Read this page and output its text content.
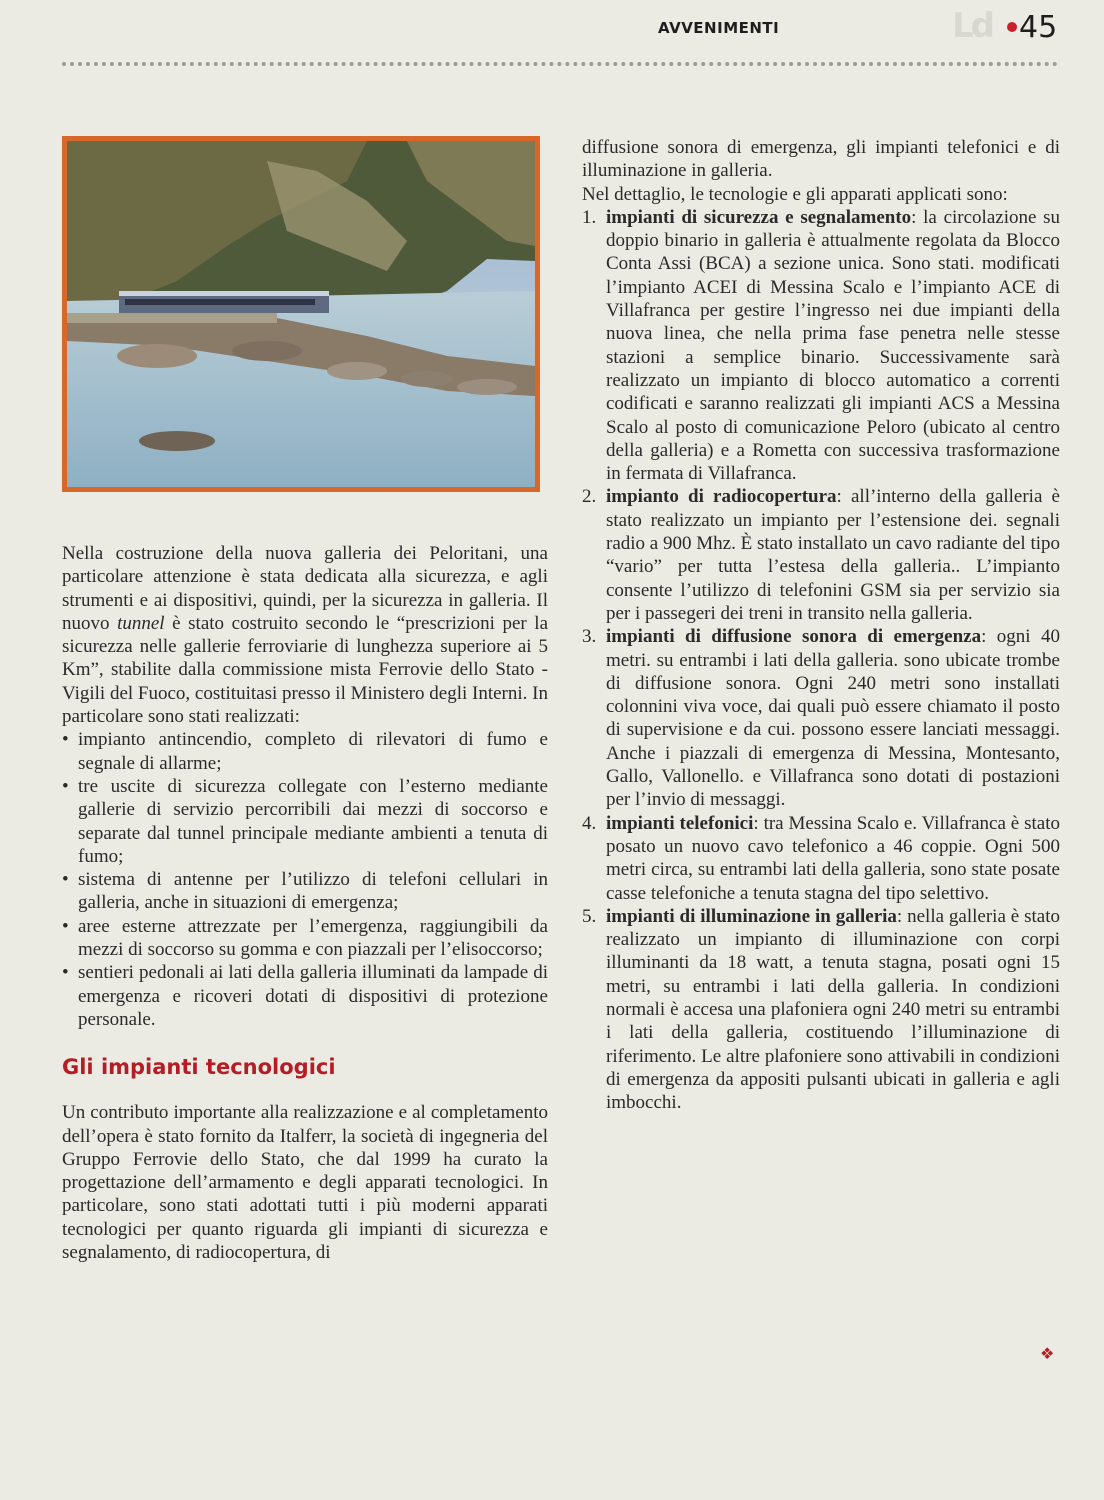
AVVENIMENTI	Ld 45

Nella costruzione della nuova galleria dei Peloritani, una particolare attenzione è stata dedicata alla sicurezza, e agli strumenti e ai dispositivi, quindi, per la sicurezza in galleria. Il nuovo tunnel è stato costruito secondo le “prescrizioni per la sicurezza nelle gallerie ferroviarie di lunghezza superiore ai 5 Km”, stabilite dalla commissione mista Ferrovie dello Stato - Vigili del Fuoco, costituitasi presso il Ministero degli Interni. In particolare sono stati realizzati:

• impianto antincendio, completo di rilevatori di fumo e segnale di allarme;
• tre uscite di sicurezza collegate con l’esterno mediante gallerie di servizio percorribili dai mezzi di soccorso e separate dal tunnel principale mediante ambienti a tenuta di fumo;
• sistema di antenne per l’utilizzo di telefoni cellulari in galleria, anche in situazioni di emergenza;
• aree esterne attrezzate per l’emergenza, raggiungibili da mezzi di soccorso su gomma e con piazzali per l’elisoccorso;
• sentieri pedonali ai lati della galleria illuminati da lampade di emergenza e ricoveri dotati di dispositivi di protezione personale.
Gli impianti tecnologici

Un contributo importante alla realizzazione e al completamento dell’opera è stato fornito da Italferr, la società di ingegneria del Gruppo Ferrovie dello Stato, che dal 1999 ha curato la progettazione dell’armamento e degli apparati tecnologici. In particolare, sono stati adottati tutti i più moderni apparati tecnologici per quanto riguarda gli impianti di sicurezza e segnalamento, di radiocopertura, di

diffusione sonora di emergenza, gli impianti telefonici e di illuminazione in galleria.

Nel dettaglio, le tecnologie e gli apparati applicati sono:

1. impianti di sicurezza e segnalamento: la circolazione su doppio binario in galleria è attualmente regolata da Blocco Conta Assi (BCA) a sezione unica. Sono stati. modificati l’impianto ACEI di Messina Scalo e l’impianto ACE di Villafranca per gestire l’ingresso nei due impianti della nuova linea, che nella prima fase penetra nelle stesse stazioni a semplice binario. Successivamente sarà realizzato un impianto di blocco automatico a correnti codificati e saranno realizzati gli impianti ACS a Messina Scalo al posto di comunicazione Peloro (ubicato al centro della galleria) e a Rometta con successiva trasformazione in fermata di Villafranca.
2. impianto di radiocopertura: all’interno della galleria è stato realizzato un impianto per l’estensione dei. segnali radio a 900 Mhz. È stato installato un cavo radiante del tipo “vario” per tutta l’estesa della galleria.. L’impianto consente l’utilizzo di telefonini GSM sia per servizio sia per i passegeri dei treni in transito nella galleria.
3. impianti di diffusione sonora di emergenza: ogni 40 metri. su entrambi i lati della galleria. sono ubicate trombe di diffusione sonora. Ogni 240 metri sono installati colonnini viva voce, dai quali può essere chiamato il posto di supervisione e da cui. possono essere lanciati messaggi. Anche i piazzali di emergenza di Messina, Montesanto, Gallo, Vallonello. e Villafranca sono dotati di postazioni per l’invio di messaggi.
4. impianti telefonici: tra Messina Scalo e. Villafranca è stato posato un nuovo cavo telefonico a 46 coppie. Ogni 500 metri circa, su entrambi lati della galleria, sono state posate casse telefoniche a tenuta stagna del tipo selettivo.
5. impianti di illuminazione in galleria: nella galleria è stato realizzato un impianto di illuminazione con corpi illuminanti da 18 watt, a tenuta stagna, posati ogni 15 metri, su entrambi i lati della galleria. In condizioni normali è accesa una plafoniera ogni 240 metri su entrambi i lati della galleria, costituendo l’illuminazione di riferimento. Le altre plafoniere sono attivabili in condizioni di emergenza da appositi pulsanti ubicati in galleria e agli imbocchi.
❖
